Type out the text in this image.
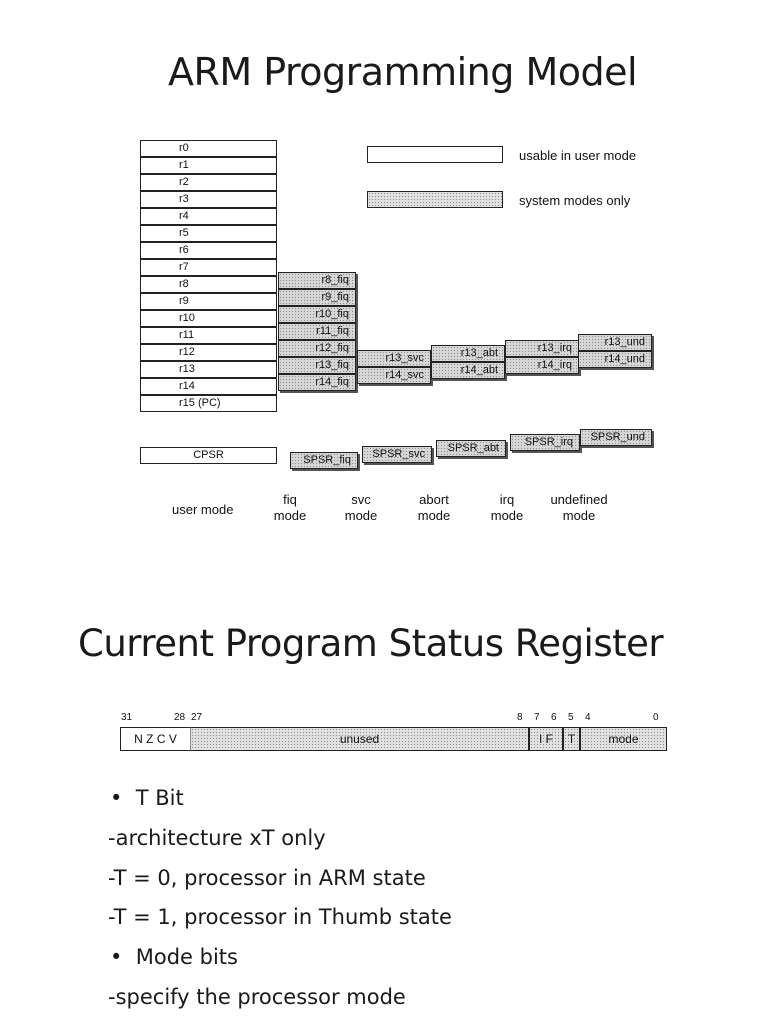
ARM Programming Model
r0
r1
r2
r3
r4
r5
r6
r7
r8
r9
r10
r11
r12
r13
r14
r15 (PC)
usable in user mode
system modes only
r8_fiq
r9_fiq
r10_fiq
r11_fiq
r12_fiq
r13_fiq
r14_fiq
r13_svc
r14_svc
r13_abt
r14_abt
r13_irq
r14_irq
r13_und
r14_und
CPSR	SPSR_fiq	SPSR_svc	SPSR_abt	SPSR_irq	SPSR_und
user mode
fiq
mode
svc
mode
abort
mode
irq
mode
undefined
mode
Current Program Status Register
31	28 27	8 7 6 5 4	0
N Z C V	unused	I F	T	mode
•  T Bit
-architecture xT only
-T = 0, processor in ARM state
-T = 1, processor in Thumb state
•  Mode bits
-specify the processor mode
